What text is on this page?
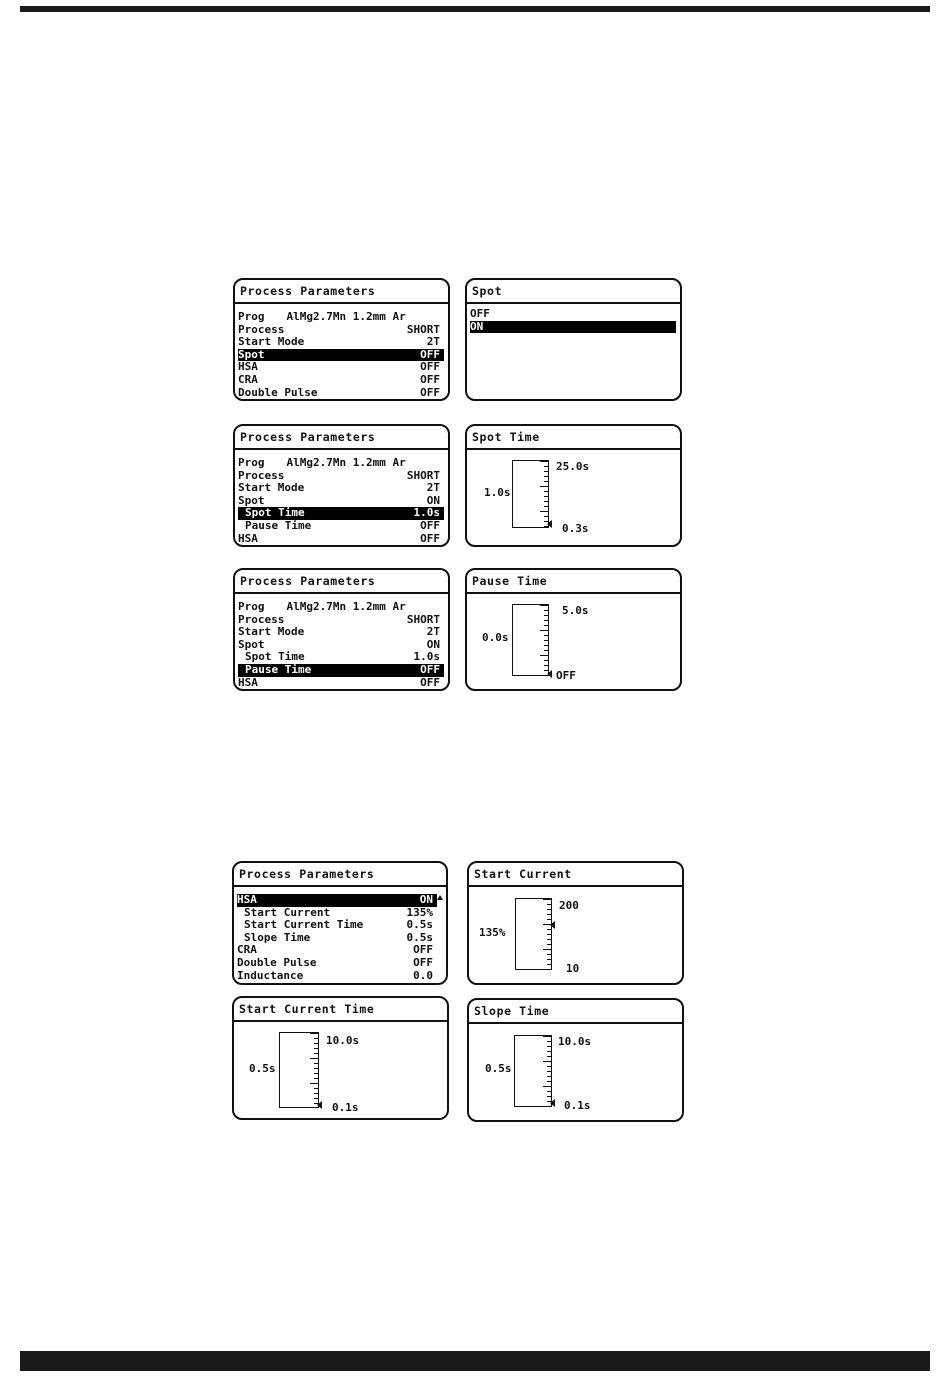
Process Parameters
Prog AlMg2.7Mn 1.2mm Ar
Process	SHORT
Start Mode	2T
Spot	OFF
HSA	OFF
CRA	OFF
Double Pulse	OFF
Spot
OFF
ON
Process Parameters
Prog AlMg2.7Mn 1.2mm Ar
Process	SHORT
Start Mode	2T
Spot	ON
Spot Time	1.0s
Pause Time	OFF
HSA	OFF
Spot Time
1.0s
25.0s
0.3s
Process Parameters
Prog AlMg2.7Mn 1.2mm Ar
Process	SHORT
Start Mode	2T
Spot	ON
Spot Time	1.0s
Pause Time	OFF
HSA	OFF
Pause Time
0.0s
5.0s
OFF
Process Parameters
HSA	ON
Start Current	135%
Start Current Time	0.5s
Slope Time	0.5s
CRA	OFF
Double Pulse	OFF
Inductance	0.0
Start Current
135%
200
10
Start Current Time
0.5s
10.0s
0.1s
Slope Time
0.5s
10.0s
0.1s
